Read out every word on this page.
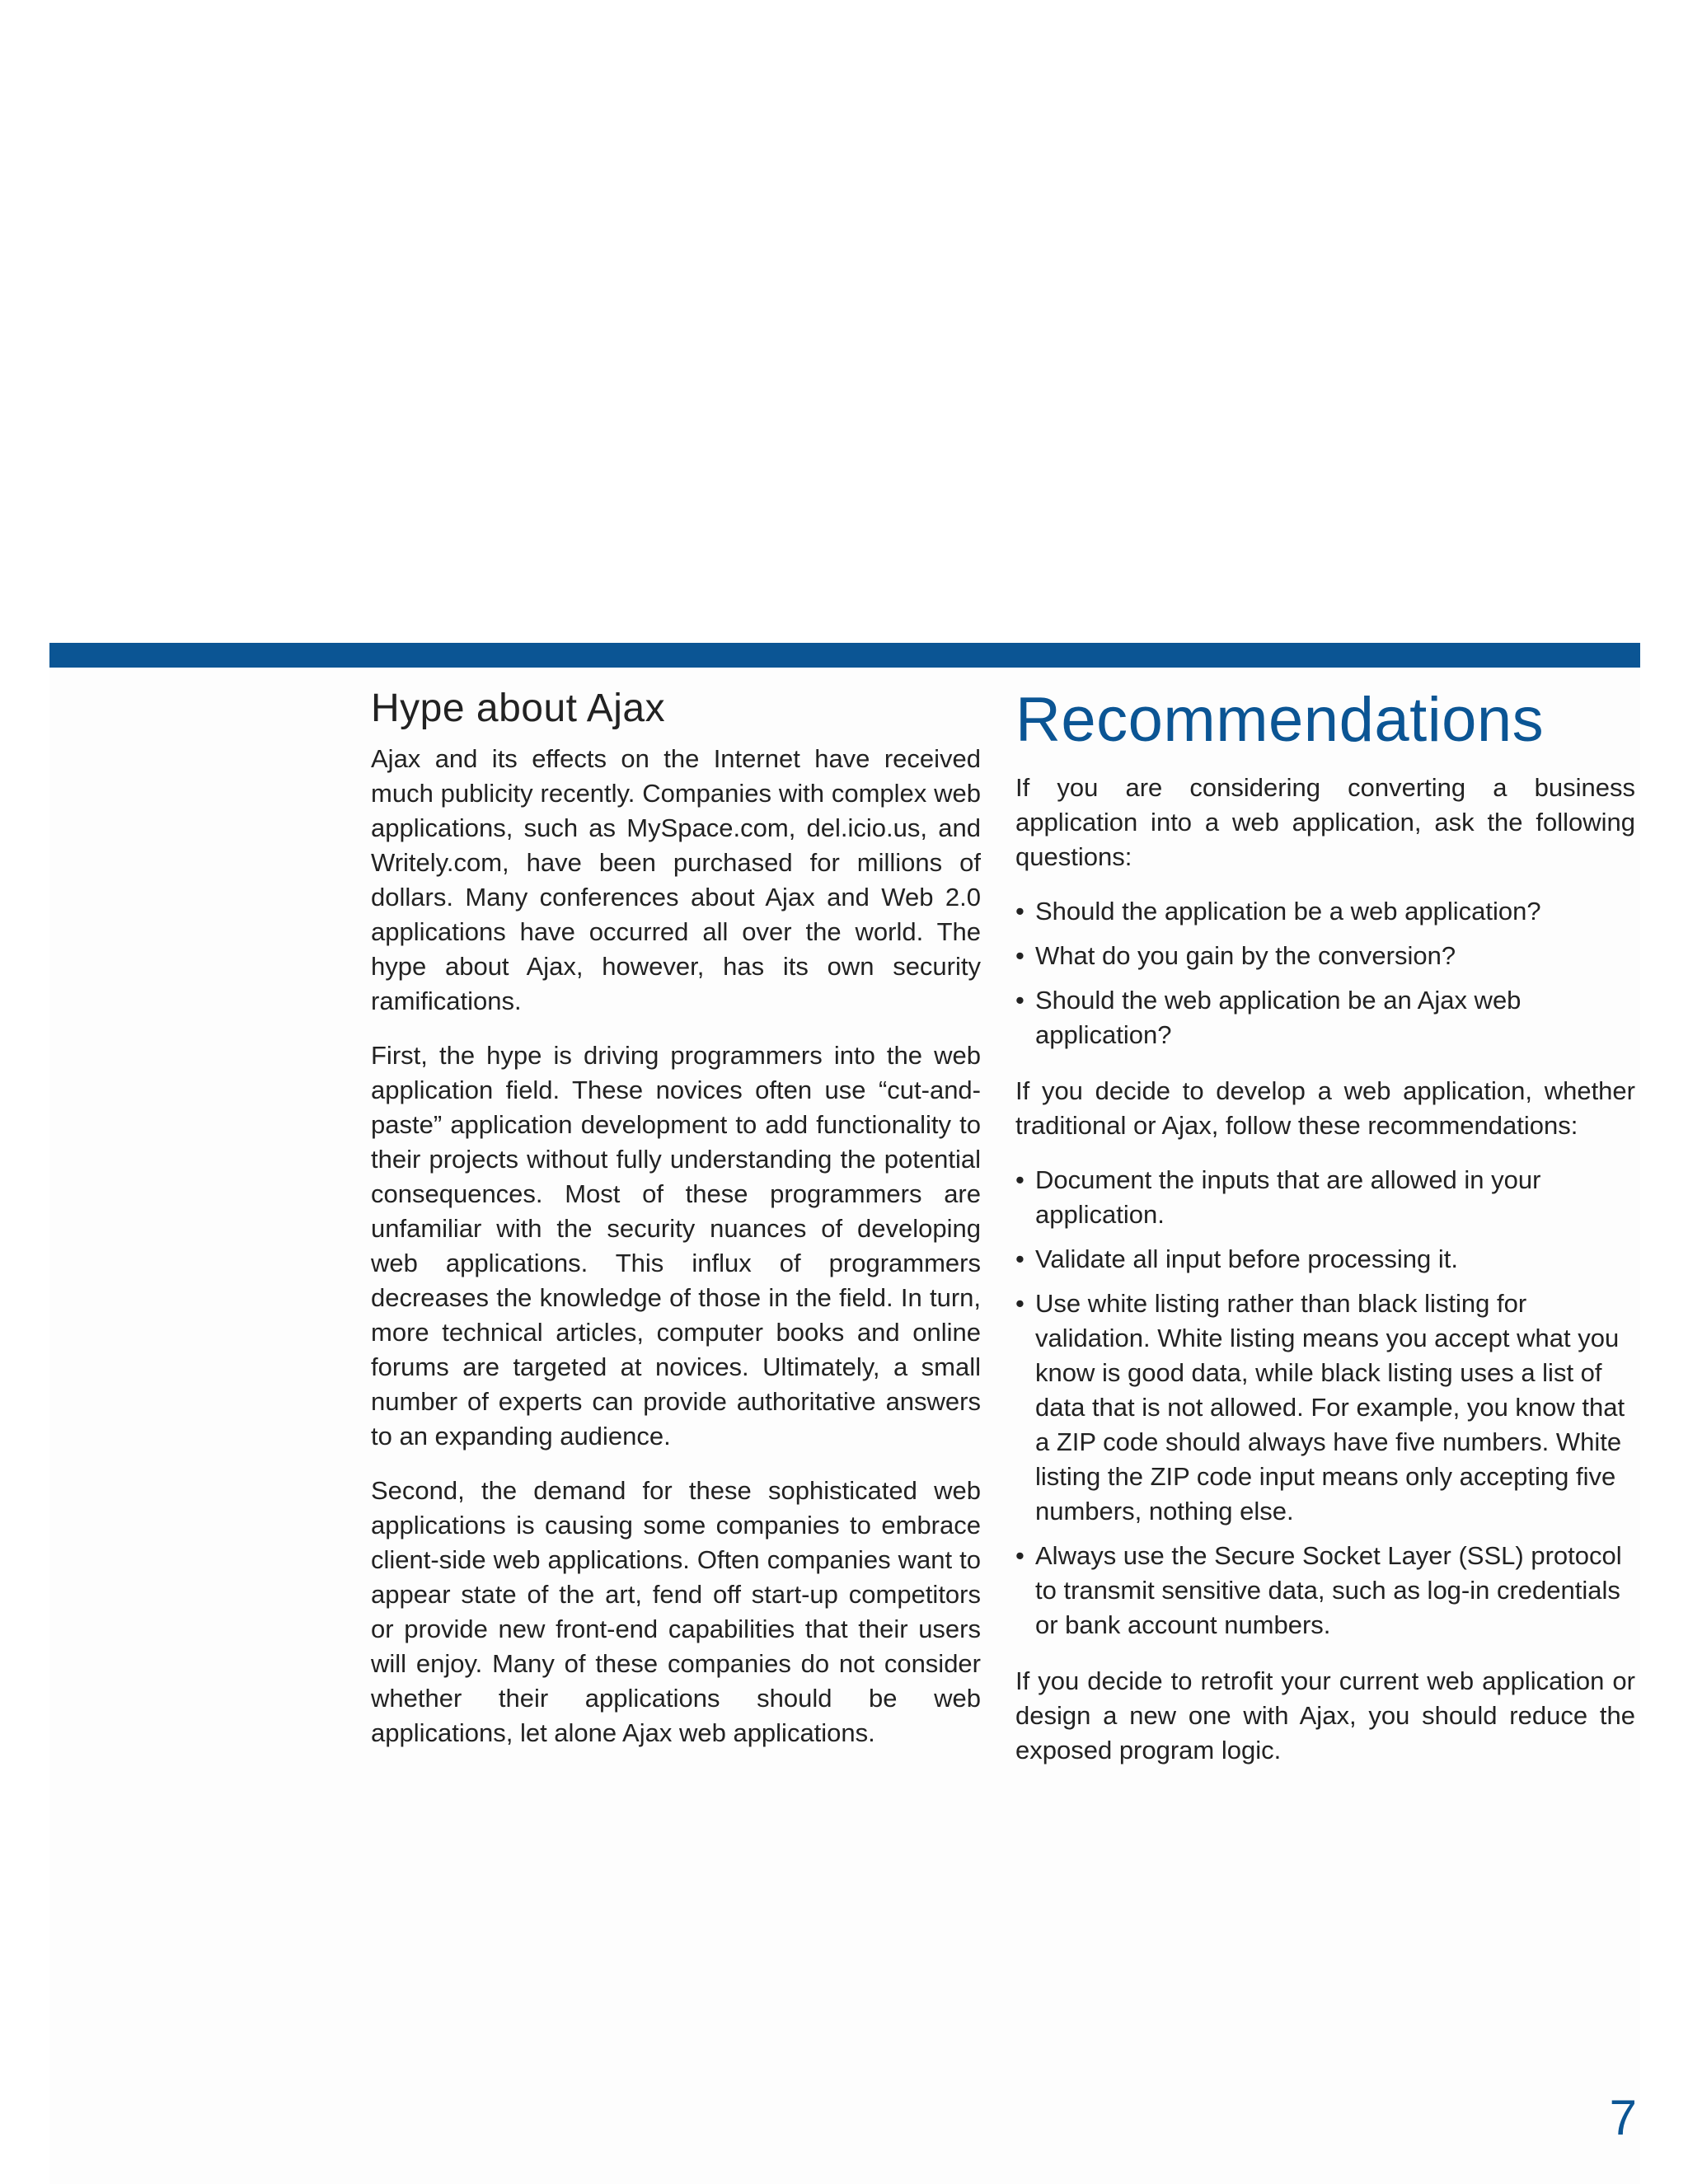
Hype about Ajax

Ajax and its effects on the Internet have received much publicity recently. Companies with complex web applications, such as MySpace.com, del.icio.us, and Writely.com, have been purchased for millions of dollars. Many conferences about Ajax and Web 2.0 applications have occurred all over the world. The hype about Ajax, however, has its own security ramifications.

First, the hype is driving programmers into the web application field. These novices often use “cut-and-paste” application development to add functionality to their projects without fully understanding the potential consequences. Most of these programmers are unfamiliar with the security nuances of developing web applications. This influx of programmers decreases the knowledge of those in the field. In turn, more technical articles, computer books and online forums are targeted at novices. Ultimately, a small number of experts can provide authoritative answers to an expanding audience.

Second, the demand for these sophisticated web applications is causing some companies to embrace client-side web applications. Often companies want to appear state of the art, fend off start-up competitors or provide new front-end capabilities that their users will enjoy. Many of these companies do not consider whether their applications should be web applications, let alone Ajax web applications.

Recommendations

If you are considering converting a business application into a web application, ask the following questions:

• Should the application be a web application?
• What do you gain by the conversion?
• Should the web application be an Ajax web application?

If you decide to develop a web application, whether traditional or Ajax, follow these recommendations:

• Document the inputs that are allowed in your application.
• Validate all input before processing it.
• Use white listing rather than black listing for validation. White listing means you accept what you know is good data, while black listing uses a list of data that is not allowed. For example, you know that a ZIP code should always have five numbers. White listing the ZIP code input means only accepting five numbers, nothing else.
• Always use the Secure Socket Layer (SSL) protocol to transmit sensitive data, such as log-in credentials or bank account numbers.

If you decide to retrofit your current web application or design a new one with Ajax, you should reduce the exposed program logic.

7
